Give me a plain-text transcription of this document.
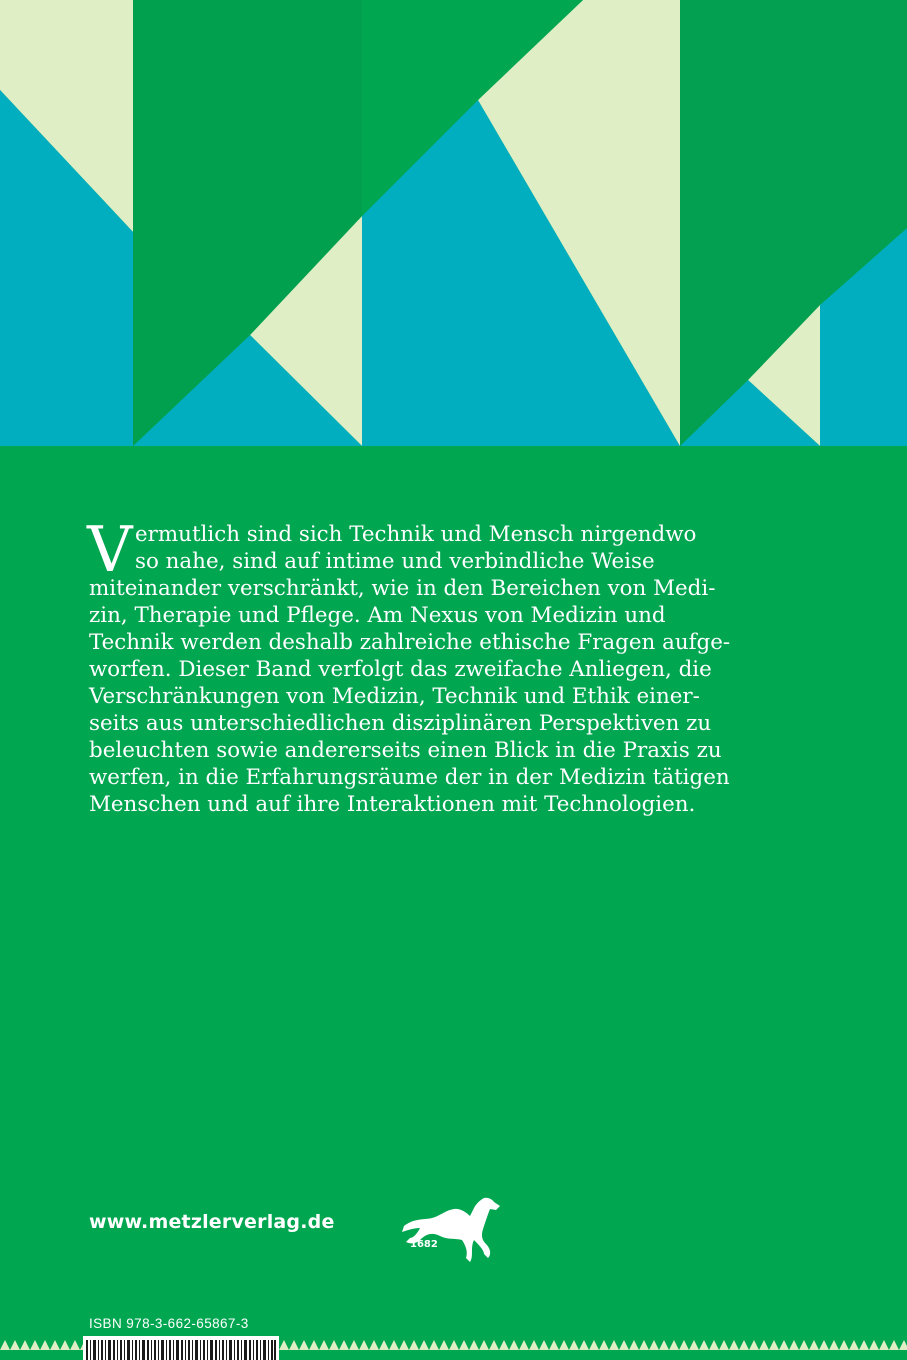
V ermutlich sind sich Technik und Mensch nirgendwo
so nahe, sind auf intime und verbindliche Weise
miteinander verschränkt, wie in den Bereichen von Medi-
zin, Therapie und Pflege. Am Nexus von Medizin und
Technik werden deshalb zahlreiche ethische Fragen aufge-
worfen. Dieser Band verfolgt das zweifache Anliegen, die
Verschränkungen von Medizin, Technik und Ethik einer-
seits aus unterschiedlichen disziplinären Perspektiven zu
beleuchten sowie andererseits einen Blick in die Praxis zu
werfen, in die Erfahrungsräume der in der Medizin tätigen
Menschen und auf ihre Interaktionen mit Technologien.
www.metzlerverlag.de
1682
ISBN 978-3-662-65867-3
